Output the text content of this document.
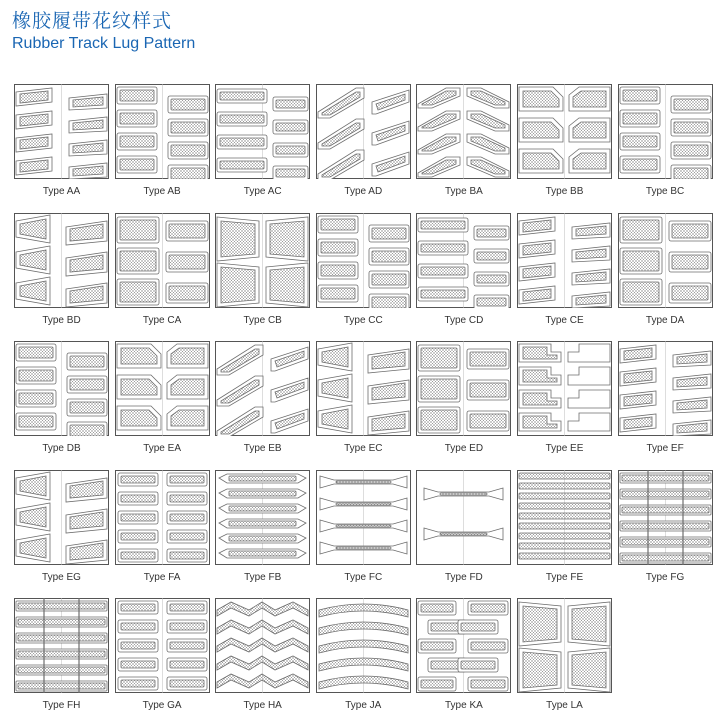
橡胶履带花纹样式
Rubber Track Lug Pattern
Type AA	Type AB	Type AC	Type AD	Type BA	Type BB	Type BC
Type BD	Type CA	Type CB	Type CC	Type CD	Type CE	Type DA
Type DB	Type EA	Type EB	Type EC	Type ED	Type EE	Type EF
Type EG	Type FA	Type FB	Type FC	Type FD	Type FE	Type FG
Type FH	Type GA	Type HA	Type JA	Type KA	Type LA
